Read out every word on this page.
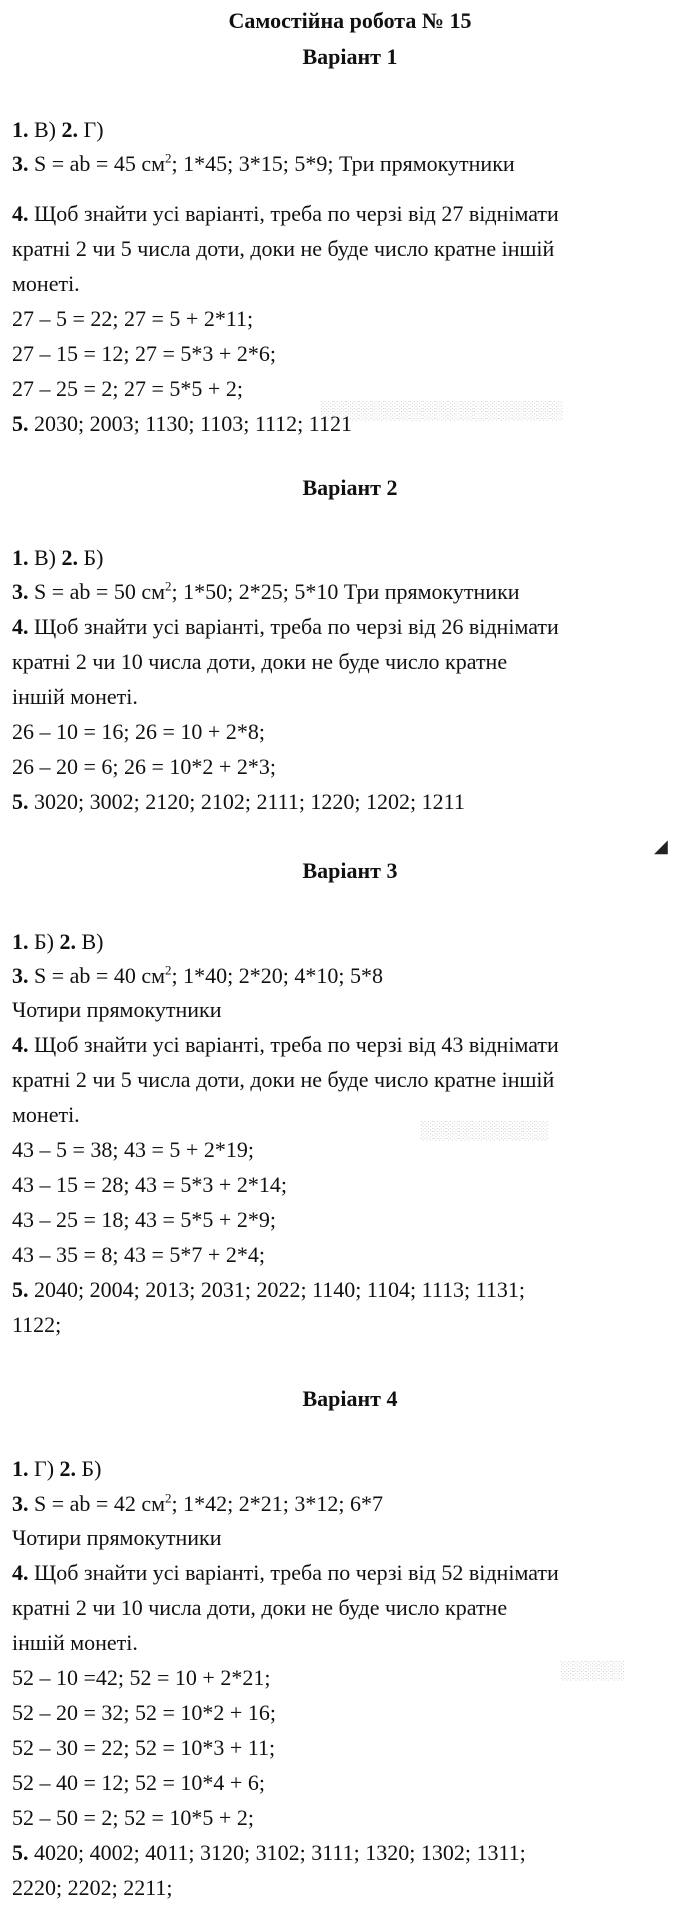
Самостійна робота № 15
░░░░░░░░░░░░░░░░░░░
░░░░░░░░░░
░░░░░
◢
Варіант 1

1. В) 2. Г)

3. S = ab = 45 $см^2$; 1*45; 3*15; 5*9; Три прямокутники

4. Щоб знайти усі варіанті, треба по черзі від 27 віднімати

кратні 2 чи 5 числа доти, доки не буде число кратне іншій

монеті.

27 – 5 = 22; 27 = 5 + 2*11;

27 – 15 = 12; 27 = 5*3 + 2*6;

27 – 25 = 2; 27 = 5*5 + 2;

5. 2030; 2003; 1130; 1103; 1112; 1121

Варіант 2

1. В) 2. Б)

3. S = ab = 50 $см^2$; 1*50; 2*25; 5*10 Три прямокутники

4. Щоб знайти усі варіанті, треба по черзі від 26 віднімати

кратні 2 чи 10 числа доти, доки не буде число кратне

іншій монеті.

26 – 10 = 16; 26 = 10 + 2*8;

26 – 20 = 6; 26 = 10*2 + 2*3;

5. 3020; 3002; 2120; 2102; 2111; 1220; 1202; 1211

Варіант 3

1. Б) 2. В)

3. S = ab = 40 $см^2$; 1*40; 2*20; 4*10; 5*8

Чотири прямокутники

4. Щоб знайти усі варіанті, треба по черзі від 43 віднімати

кратні 2 чи 5 числа доти, доки не буде число кратне іншій

монеті.

43 – 5 = 38; 43 = 5 + 2*19;

43 – 15 = 28; 43 = 5*3 + 2*14;

43 – 25 = 18; 43 = 5*5 + 2*9;

43 – 35 = 8; 43 = 5*7 + 2*4;

5. 2040; 2004; 2013; 2031; 2022; 1140; 1104; 1113; 1131;

1122;

Варіант 4

1. Г) 2. Б)

3. S = ab = 42 $см^2$; 1*42; 2*21; 3*12; 6*7

Чотири прямокутники

4. Щоб знайти усі варіанті, треба по черзі від 52 віднімати

кратні 2 чи 10 числа доти, доки не буде число кратне

іншій монеті.

52 – 10 =42; 52 = 10 + 2*21;

52 – 20 = 32; 52 = 10*2 + 16;

52 – 30 = 22; 52 = 10*3 + 11;

52 – 40 = 12; 52 = 10*4 + 6;

52 – 50 = 2; 52 = 10*5 + 2;

5. 4020; 4002; 4011; 3120; 3102; 3111; 1320; 1302; 1311;

2220; 2202; 2211;
